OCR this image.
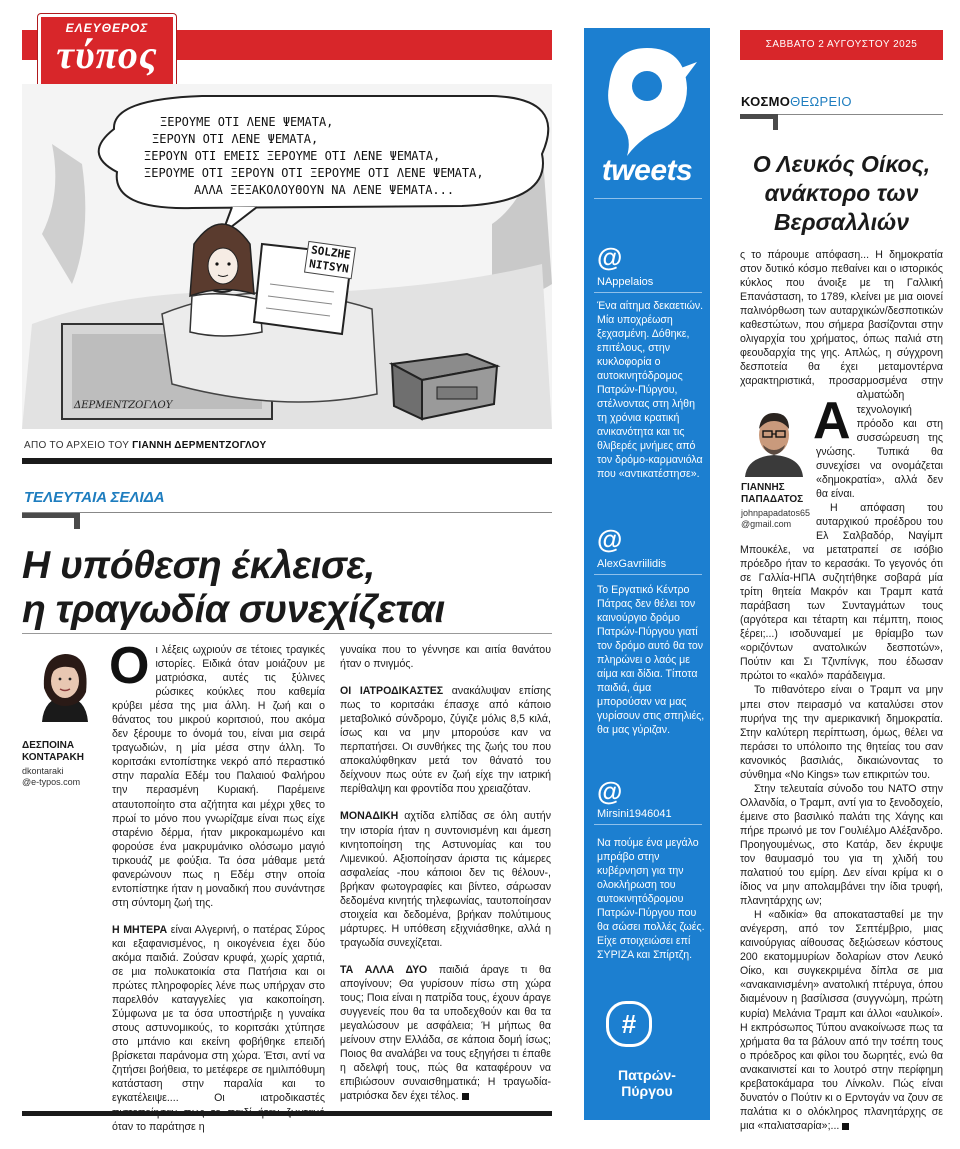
ΕΛΕΥΘΕΡΟΣ
τύπος
ΞΕΡΟΥΜΕ ΟΤΙ ΛΕΝΕ ΨΕΜΑΤΑ,
ΞΕΡΟΥΝ ΟΤΙ ΛΕΝΕ ΨΕΜΑΤΑ,
ΞΕΡΟΥΝ ΟΤΙ ΕΜΕΙΣ ΞΕΡΟΥΜΕ ΟΤΙ ΛΕΝΕ ΨΕΜΑΤΑ,
ΞΕΡΟΥΜΕ ΟΤΙ ΞΕΡΟΥΝ ΟΤΙ ΞΕΡΟΥΜΕ ΟΤΙ ΛΕΝΕ ΨΕΜΑΤΑ,
ΑΛΛΑ ΞΕΞΑΚΟΛΟΥΘΟΥΝ ΝΑ ΛΕΝΕ ΨΕΜΑΤΑ...
SOLZHE
NITSYN
ΔΕΡΜΕΝΤΖΟΓΛΟΥ
ΑΠΟ ΤΟ ΑΡΧΕΙΟ ΤΟΥ ΓΙΑΝΝΗ ΔΕΡΜΕΝΤΖΟΓΛΟΥ
ΤΕΛΕΥΤΑΙΑ ΣΕΛΙΔΑ
Η υπόθεση έκλεισε,
η τραγωδία συνεχίζεται
ΔΕΣΠΟΙΝΑ
ΚΟΝΤΑΡΑΚΗ
dkontaraki
@e-typos.com

Οι λέξεις ωχριούν σε τέτοιες τραγικές ιστορίες. Ειδικά όταν μοιάζουν με ματριόσκα, αυτές τις ξύλινες ρώσικες κούκλες που καθεμία κρύβει μέσα της μια άλλη. Η ζωή και ο θάνατος του μικρού κοριτσιού, που ακόμα δεν ξέρουμε το όνομά του, είναι μια σειρά τραγωδιών, η μία μέσα στην άλλη. Το κοριτσάκι εντοπίστηκε νεκρό από περαστικό στην παραλία Εδέμ του Παλαιού Φαλήρου την περασμένη Κυριακή. Παρέμεινε αταυτοποίητο στα αζήτητα και μέχρι χθες το πρωί το μόνο που γνωρίζαμε είναι πως είχε σταρένιο δέρμα, ήταν μικροκαμωμένο και φορούσε ένα μακρυμάνικο ολόσωμο μαγιό τιρκουάζ με φούξια. Τα όσα μάθαμε μετά φανερώνουν πως η Εδέμ στην οποία εντοπίστηκε ήταν η μοναδική που συνάντησε στη σύντομη ζωή της.

Η ΜΗΤΕΡΑ είναι Αλγερινή, ο πατέρας Σύρος και εξαφανισμένος, η οικογένεια έχει δύο ακόμα παιδιά. Ζούσαν κρυφά, χωρίς χαρτιά, σε μια πολυκατοικία στα Πατήσια και οι πρώτες πληροφορίες λένε πως υπήρχαν στο παρελθόν καταγγελίες για κακοποίηση. Σύμφωνα με τα όσα υποστήριξε η γυναίκα στους αστυνομικούς, το κοριτσάκι χτύπησε στο μπάνιο και εκείνη φοβήθηκε επειδή βρίσκεται παράνομα στη χώρα. Έτσι, αντί να ζητήσει βοήθεια, το μετέφερε σε ημιλιπόθυμη κατάσταση στην παραλία και το εγκατέλειψε.... Οι ιατροδικαστές όταν το παράτησε η

γυναίκα που το γέννησε και αιτία θανάτου ήταν ο πνιγμός.

ΟΙ ΙΑΤΡΟΔΙΚΑΣΤΕΣ ανακάλυψαν επίσης πως το κοριτσάκι έπασχε από κάποιο μεταβολικό σύνδρομο, ζύγιζε μόλις 8,5 κιλά, ίσως και να μην μπορούσε καν να περπατήσει. Οι συνθήκες της ζωής του που αποκαλύφθηκαν μετά τον θάνατό του δείχνουν πως ούτε εν ζωή είχε την ιατρική περίθαλψη και φροντίδα που χρειαζόταν.

ΜΟΝΑΔΙΚΗ αχτίδα ελπίδας σε όλη αυτήν την ιστορία ήταν η συντονισμένη και άμεση κινητοποίηση της Αστυνομίας και του Λιμενικού. Αξιοποίησαν άριστα τις κάμερες ασφαλείας -που κάποιοι δεν τις θέλουν-, βρήκαν φωτογραφίες και βίντεο, σάρωσαν δεδομένα κινητής τηλεφωνίας, ταυτοποίησαν στοιχεία και δεδομένα, βρήκαν πολύτιμους μάρτυρες. Η υπόθεση εξιχνιάσθηκε, αλλά η τραγωδία συνεχίζεται.

ΤΑ ΑΛΛΑ ΔΥΟ παιδιά άραγε τι θα απογίνουν; Θα γυρίσουν πίσω στη χώρα τους; Ποια είναι η πατρίδα τους, έχουν άραγε συγγενείς που θα τα υποδεχθούν και θα τα μεγαλώσουν με ασφάλεια; Ή μήπως θα μείνουν στην Ελλάδα, σε κάποια δομή ίσως; Ποιος θα αναλάβει να τους εξηγήσει τι έπαθε η αδελφή τους, πώς θα καταφέρουν να επιβιώσουν συναισθηματικά; Η τραγωδία-ματριόσκα δεν έχει τέλος.

tweets
@
NAppelaios
Ένα αίτημα δεκαετιών. Μία υποχρέωση ξεχασμένη. Δόθηκε, επιτέλους, στην κυκλοφορία ο αυτοκινητόδρομος Πατρών-Πύργου, στέλνοντας στη λήθη τη χρόνια κρατική ανικανότητα και τις θλιβερές μνήμες από τον δρόμο-καρμανιόλα που «αντικατέστησε».
@
AlexGavriilidis
Το Εργατικό Κέντρο Πάτρας δεν θέλει τον καινούργιο δρόμο Πατρών-Πύργου γιατί τον δρόμο αυτό θα τον πληρώνει ο λαός με αίμα και δίδια. Τίποτα παιδιά, άμα μπορούσαν να μας γυρίσουν στις σπηλιές, θα μας γύριζαν.
@
Mirsini1946041
Να πούμε ένα μεγάλο μπράβο στην κυβέρνηση για την ολοκλήρωση του αυτοκινητόδρομου Πατρών-Πύργου που θα σώσει πολλές ζωές. Είχε στοιχειώσει επί ΣΥΡΙΖΑ και Σπίρτζη.
#
Πατρών-
Πύργου
ΣΑΒΒΑΤΟ 2 ΑΥΓΟΥΣΤΟΥ 2025
ΚΟΣΜΟΘΕΩΡΕΙΟ
Ο Λευκός Οίκος,
ανάκτορο των
Βερσαλλιών

Α
ς το πάρουμε απόφαση... Η δημοκρατία στον δυτικό κόσμο πεθαίνει και ο ιστορικός κύκλος που άνοιξε με τη Γαλλική Επανάσταση, το 1789, κλείνει με μια οιονεί παλινόρθωση των αυταρχικών/δεσποτικών καθεστώτων, που σήμερα βασίζονται στην ολιγαρχία του χρήματος, όπως παλιά στη φεουδαρχία της γης. Απλώς, η σύγχρονη δεσποτεία θα έχει μεταμοντέρνα χαρακτηριστικά, προσαρμοσμένα στην αλματώδη τεχνολογική πρόοδο και στη συσσώρευση της γνώσης. Τυπικά θα συνεχίσει να ονομάζεται «δημοκρατία», αλλά δεν θα είναι.

Η απόφαση του αυταρχικού προέδρου του Ελ Σαλβαδόρ, Ναγίμπ Μπουκέλε, να μετατραπεί σε ισόβιο πρόεδρο ήταν το κερασάκι. Το γεγονός ότι σε Γαλλία-ΗΠΑ συζητήθηκε σοβαρά μία τρίτη θητεία Μακρόν και Τραμπ κατά παράβαση των Συνταγμάτων τους (αργότερα και τέταρτη και πέμπτη, ποιος ξέρει;...) ισοδυναμεί με θρίαμβο των «οριζόντων ανατολικών δεσποτών», Πούτιν και Σι Τζινπίνγκ, που έδωσαν πρώτοι το «καλό» παράδειγμα.

Το πιθανότερο είναι ο Τραμπ να μην μπει στον πειρασμό να καταλύσει στον πυρήνα της την αμερικανική δημοκρατία. Στην καλύτερη περίπτωση, όμως, θέλει να περάσει το υπόλοιπο της θητείας του σαν κανονικός βασιλιάς, δικαιώνοντας το σύνθημα «No Kings» των επικριτών του.

Στην τελευταία σύνοδο του ΝΑΤΟ στην Ολλανδία, ο Τραμπ, αντί για το ξενοδοχείο, έμεινε στο βασιλικό παλάτι της Χάγης και πήρε πρωινό με τον Γουλιέλμο Αλέξανδρο. Προηγουμένως, στο Κατάρ, δεν έκρυψε τον θαυμασμό του για τη χλιδή του παλατιού του εμίρη. Δεν είναι κρίμα κι ο ίδιος να μην απολαμβάνει την ίδια τρυφή, πλανητάρχης ων;

Η «αδικία» θα αποκατασταθεί με την ανέγερση, από τον Σεπτέμβριο, μιας καινούργιας αίθουσας δεξιώσεων κόστους 200 εκατομμυρίων δολαρίων στον Λευκό Οίκο, και συγκεκριμένα δίπλα σε μια «ανακαινισμένη» ανατολική πτέρυγα, όπου διαμένουν η βασίλισσα (συγγνώμη, πρώτη κυρία) Μελάνια Τραμπ και άλλοι «αυλικοί». Η εκπρόσωπος Τύπου ανακοίνωσε πως τα χρήματα θα τα βάλουν από την τσέπη τους ο πρόεδρος και φίλοι του δωρητές, ενώ θα ανακαινιστεί και το λουτρό στην περίφημη κρεβατοκάμαρα του Λίνκολν. Πώς είναι δυνατόν ο Πούτιν κι ο Ερντογάν να ζουν σε παλάτια κι ο ολόκληρος πλανητάρχης σε μια «παλιατσαρία»;...

ΓΙΑΝΝΗΣ
ΠΑΠΑΔΑΤΟΣ
johnpapadatos65
@gmail.com
